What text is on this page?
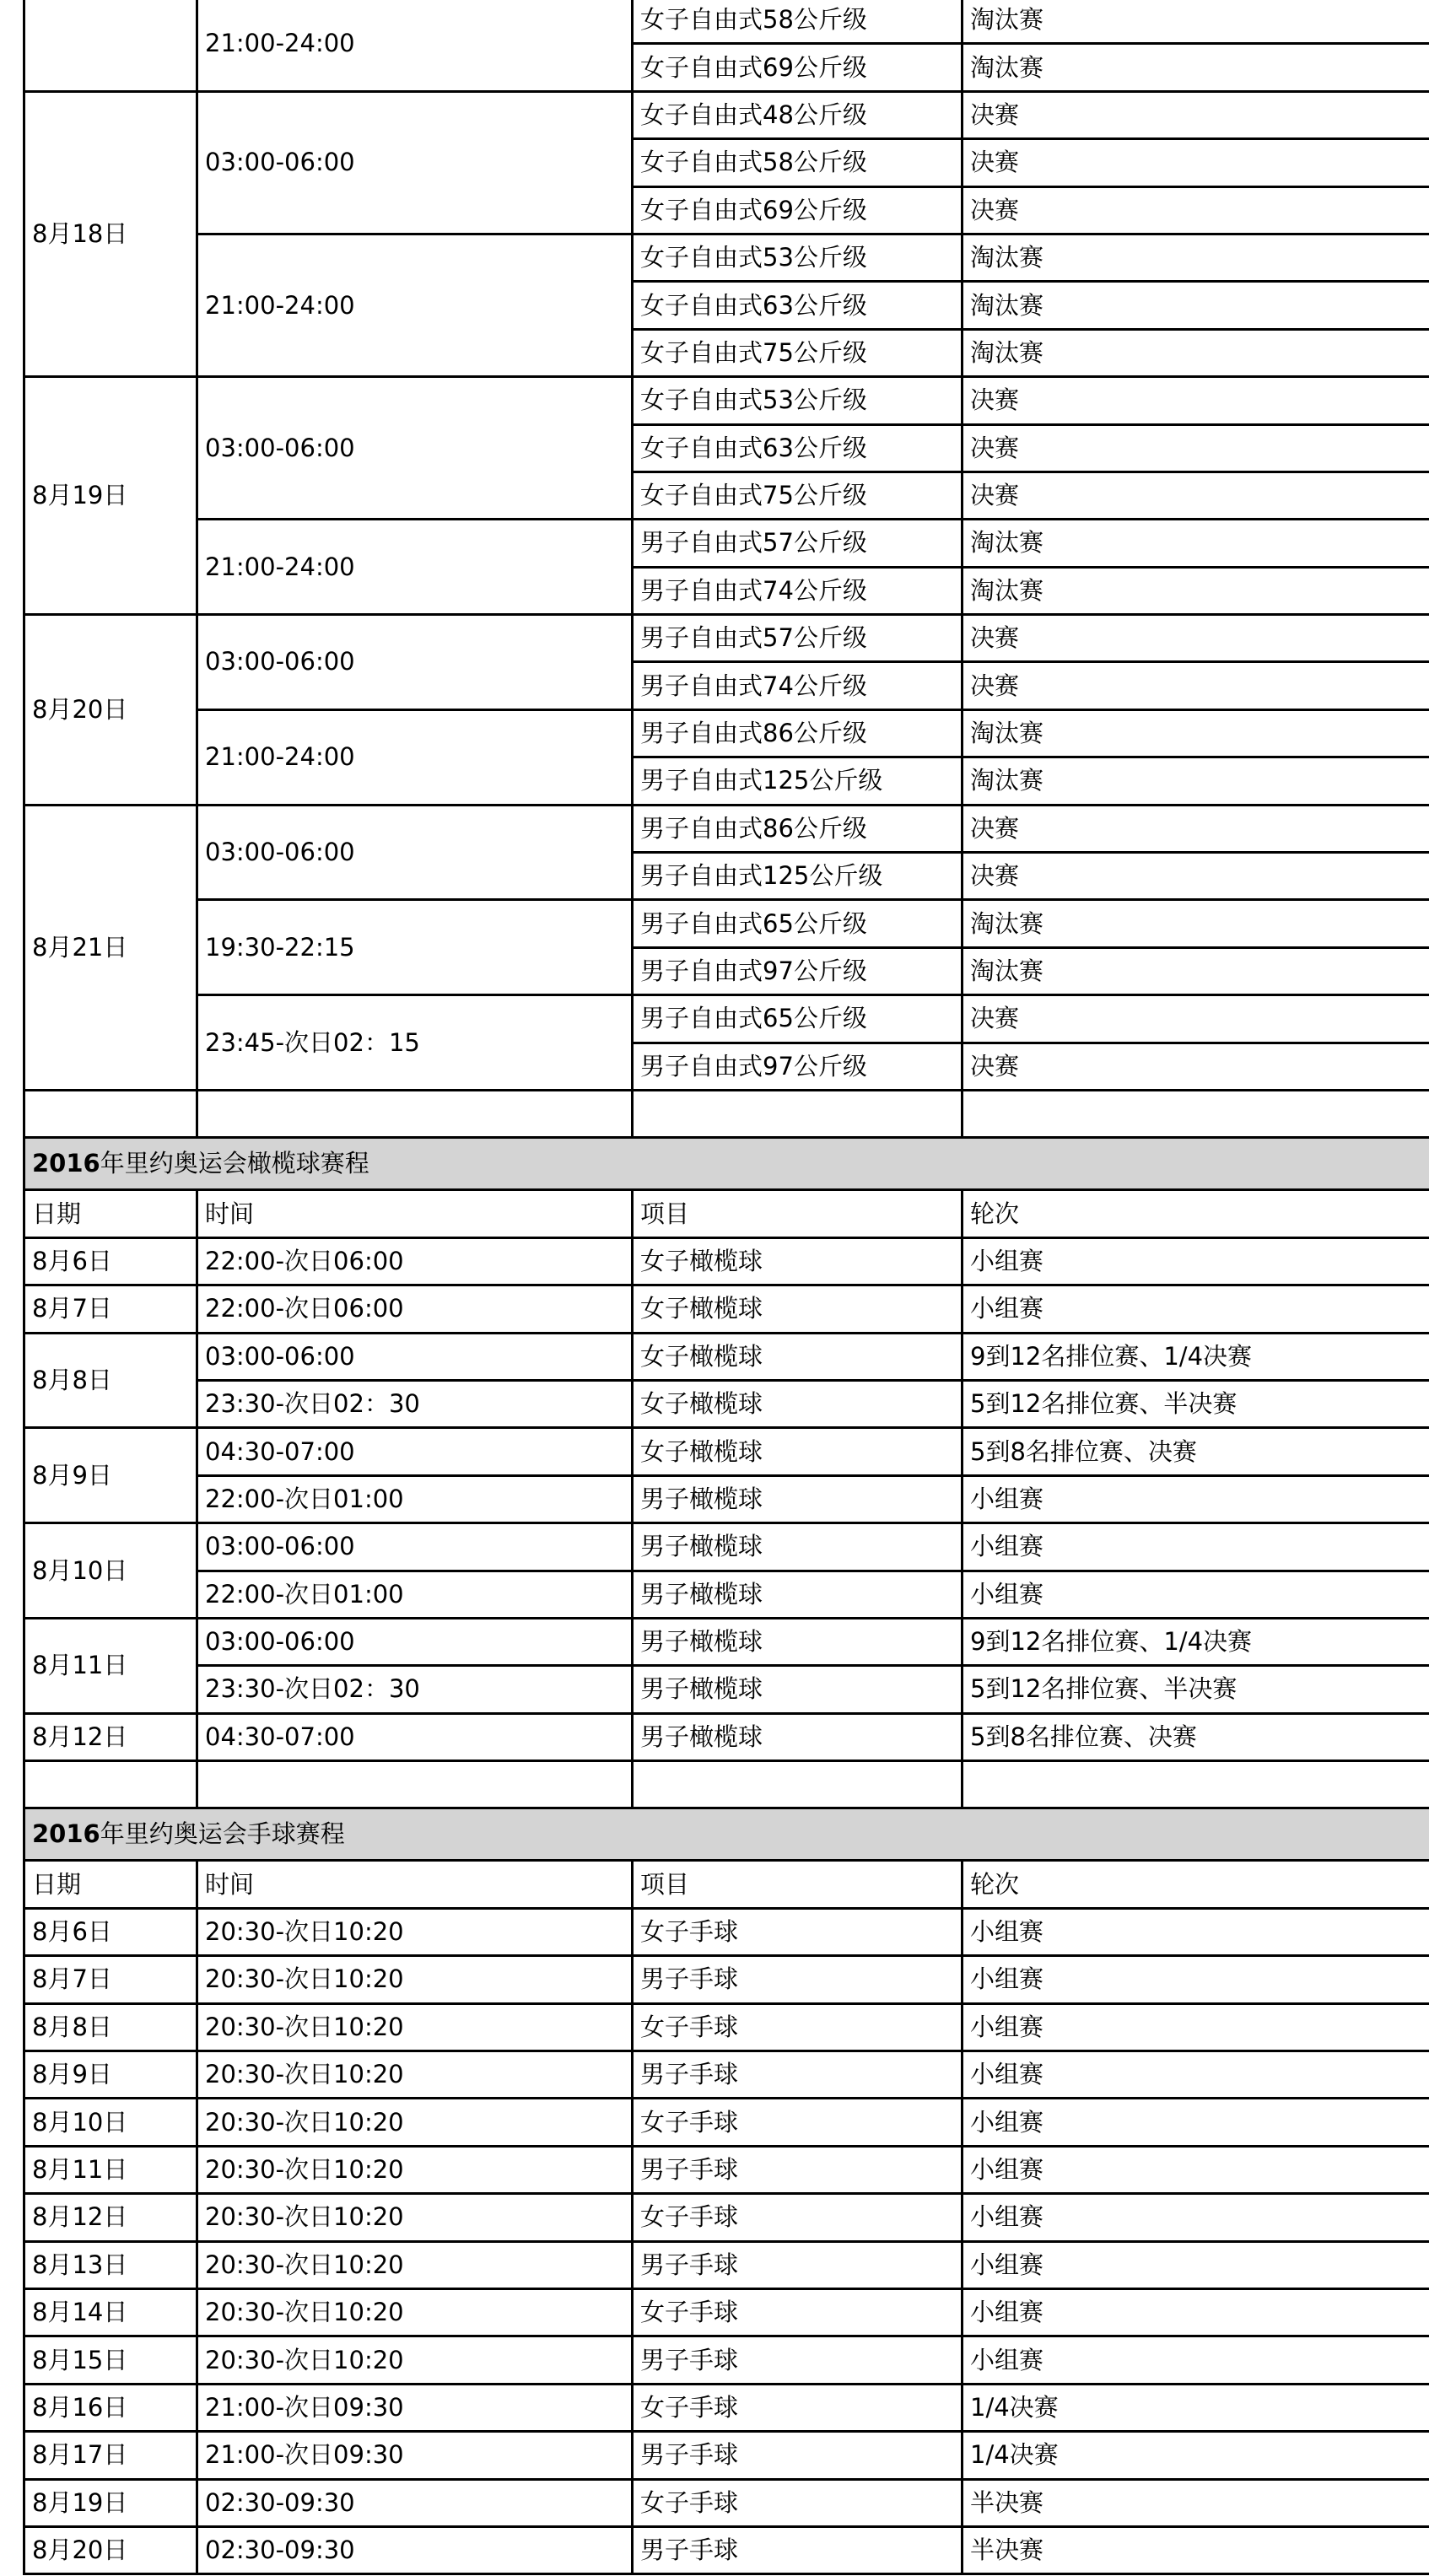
	21:00-24:00	女子自由式58公斤级	淘汰赛
		女子自由式69公斤级	淘汰赛
8月18日	03:00-06:00	女子自由式48公斤级	决赛
		女子自由式58公斤级	决赛
		女子自由式69公斤级	决赛
	21:00-24:00	女子自由式53公斤级	淘汰赛
		女子自由式63公斤级	淘汰赛
		女子自由式75公斤级	淘汰赛
8月19日	03:00-06:00	女子自由式53公斤级	决赛
		女子自由式63公斤级	决赛
		女子自由式75公斤级	决赛
	21:00-24:00	男子自由式57公斤级	淘汰赛
		男子自由式74公斤级	淘汰赛
8月20日	03:00-06:00	男子自由式57公斤级	决赛
		男子自由式74公斤级	决赛
	21:00-24:00	男子自由式86公斤级	淘汰赛
		男子自由式125公斤级	淘汰赛
8月21日	03:00-06:00	男子自由式86公斤级	决赛
		男子自由式125公斤级	决赛
	19:30-22:15	男子自由式65公斤级	淘汰赛
		男子自由式97公斤级	淘汰赛
	23:45-次日02：15	男子自由式65公斤级	决赛
		男子自由式97公斤级	决赛

2016年里约奥运会橄榄球赛程			
日期	时间	项目	轮次
8月6日	22:00-次日06:00	女子橄榄球	小组赛
8月7日	22:00-次日06:00	女子橄榄球	小组赛
8月8日	03:00-06:00	女子橄榄球	9到12名排位赛、1/4决赛
	23:30-次日02：30	女子橄榄球	5到12名排位赛、半决赛
8月9日	04:30-07:00	女子橄榄球	5到8名排位赛、决赛
	22:00-次日01:00	男子橄榄球	小组赛
8月10日	03:00-06:00	男子橄榄球	小组赛
	22:00-次日01:00	男子橄榄球	小组赛
8月11日	03:00-06:00	男子橄榄球	9到12名排位赛、1/4决赛
	23:30-次日02：30	男子橄榄球	5到12名排位赛、半决赛
8月12日	04:30-07:00	男子橄榄球	5到8名排位赛、决赛

2016年里约奥运会手球赛程			
日期	时间	项目	轮次
8月6日	20:30-次日10:20	女子手球	小组赛
8月7日	20:30-次日10:20	男子手球	小组赛
8月8日	20:30-次日10:20	女子手球	小组赛
8月9日	20:30-次日10:20	男子手球	小组赛
8月10日	20:30-次日10:20	女子手球	小组赛
8月11日	20:30-次日10:20	男子手球	小组赛
8月12日	20:30-次日10:20	女子手球	小组赛
8月13日	20:30-次日10:20	男子手球	小组赛
8月14日	20:30-次日10:20	女子手球	小组赛
8月15日	20:30-次日10:20	男子手球	小组赛
8月16日	21:00-次日09:30	女子手球	1/4决赛
8月17日	21:00-次日09:30	男子手球	1/4决赛
8月19日	02:30-09:30	女子手球	半决赛
8月20日	02:30-09:30	男子手球	半决赛
